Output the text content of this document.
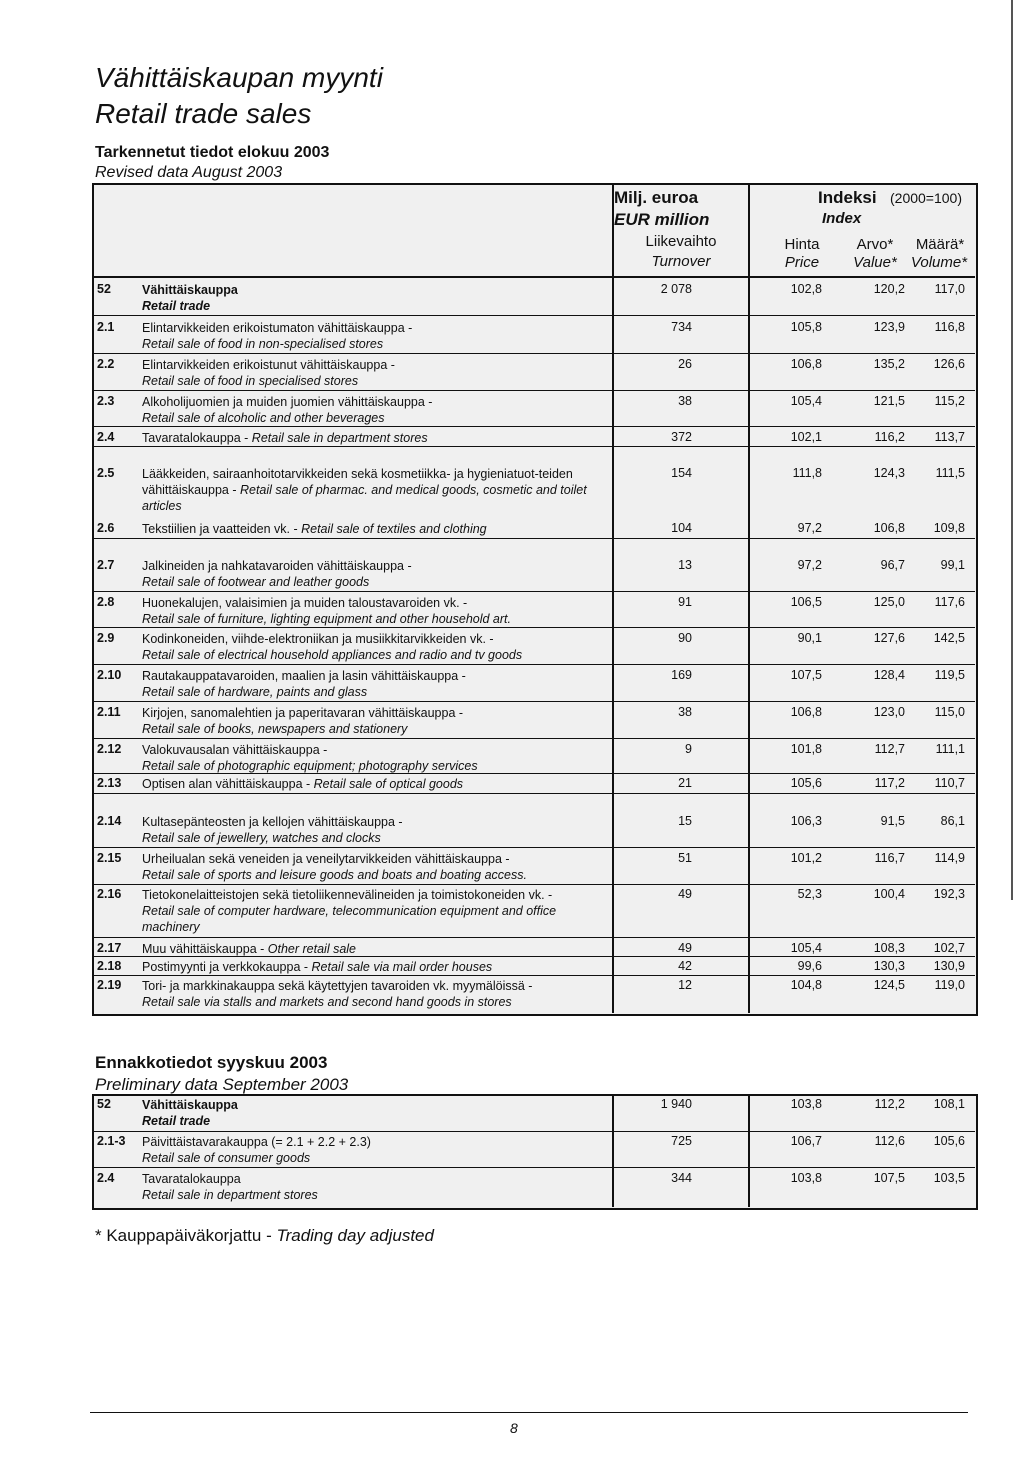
Vähittäiskaupan myynti
Retail trade sales
Tarkennetut tiedot elokuu 2003
Revised data August 2003
Milj. euroa
EUR million
Liikevaihto
Turnover
Indeksi (2000=100)
Index
Hinta
Price
Arvo*
Value*
Määrä*
Volume*
52 Vähittäiskauppa
Retail trade
2 078	102,8	120,2	117,0
2.1 Elintarvikkeiden erikoistumaton vähittäiskauppa -
Retail sale of food in non-specialised stores
734	105,8	123,9	116,8
2.2 Elintarvikkeiden erikoistunut vähittäiskauppa -
Retail sale of food in specialised stores
26	106,8	135,2	126,6
2.3 Alkoholijuomien ja muiden juomien vähittäiskauppa -
Retail sale of alcoholic and other beverages
38	105,4	121,5	115,2
2.4 Tavaratalokauppa - Retail sale in department stores	372	102,1	116,2	113,7
2.5 Lääkkeiden, sairaanhoitotarvikkeiden sekä kosmetiikka- ja hygieniatuot-teiden vähittäiskauppa - Retail sale of pharmac. and medical goods, cosmetic and toilet articles
154	111,8	124,3	111,5
2.6 Tekstiilien ja vaatteiden vk. - Retail sale of textiles and clothing	104	97,2	106,8	109,8
2.7 Jalkineiden ja nahkatavaroiden vähittäiskauppa -
Retail sale of footwear and leather goods
13	97,2	96,7	99,1
2.8 Huonekalujen, valaisimien ja muiden taloustavaroiden vk. -
Retail sale of furniture, lighting equipment and other household art.
91	106,5	125,0	117,6
2.9 Kodinkoneiden, viihde-elektroniikan ja musiikkitarvikkeiden vk. -
Retail sale of electrical household appliances and radio and tv goods
90	90,1	127,6	142,5
2.10 Rautakauppatavaroiden, maalien ja lasin vähittäiskauppa -
Retail sale of hardware, paints and glass
169	107,5	128,4	119,5
2.11 Kirjojen, sanomalehtien ja paperitavaran vähittäiskauppa -
Retail sale of books, newspapers and stationery
38	106,8	123,0	115,0
2.12 Valokuvausalan vähittäiskauppa -
Retail sale of photographic equipment; photography services
9	101,8	112,7	111,1
2.13 Optisen alan vähittäiskauppa - Retail sale of optical goods	21	105,6	117,2	110,7
2.14 Kultasepänteosten ja kellojen vähittäiskauppa -
Retail sale of jewellery, watches and clocks
15	106,3	91,5	86,1
2.15 Urheilualan sekä veneiden ja veneilytarvikkeiden vähittäiskauppa -
Retail sale of sports and leisure goods and boats and boating access.
51	101,2	116,7	114,9
2.16 Tietokonelaitteistojen sekä tietoliikennevälineiden ja toimistokoneiden vk. -
Retail sale of computer hardware, telecommunication equipment and office machinery
49	52,3	100,4	192,3
2.17 Muu vähittäiskauppa - Other retail sale	49	105,4	108,3	102,7
2.18 Postimyynti ja verkkokauppa - Retail sale via mail order houses	42	99,6	130,3	130,9
2.19 Tori- ja markkinakauppa sekä käytettyjen tavaroiden vk. myymälöissä -
Retail sale via stalls and markets and second hand goods in stores
12	104,8	124,5	119,0
Ennakkotiedot syyskuu 2003
Preliminary data September 2003
52 Vähittäiskauppa
Retail trade
1 940	103,8	112,2	108,1
2.1-3 Päivittäistavarakauppa (= 2.1 + 2.2 + 2.3)
Retail sale of consumer goods
725	106,7	112,6	105,6
2.4 Tavaratalokauppa
Retail sale in department stores
344	103,8	107,5	103,5
* Kauppapäiväkorjattu - Trading day adjusted
8
